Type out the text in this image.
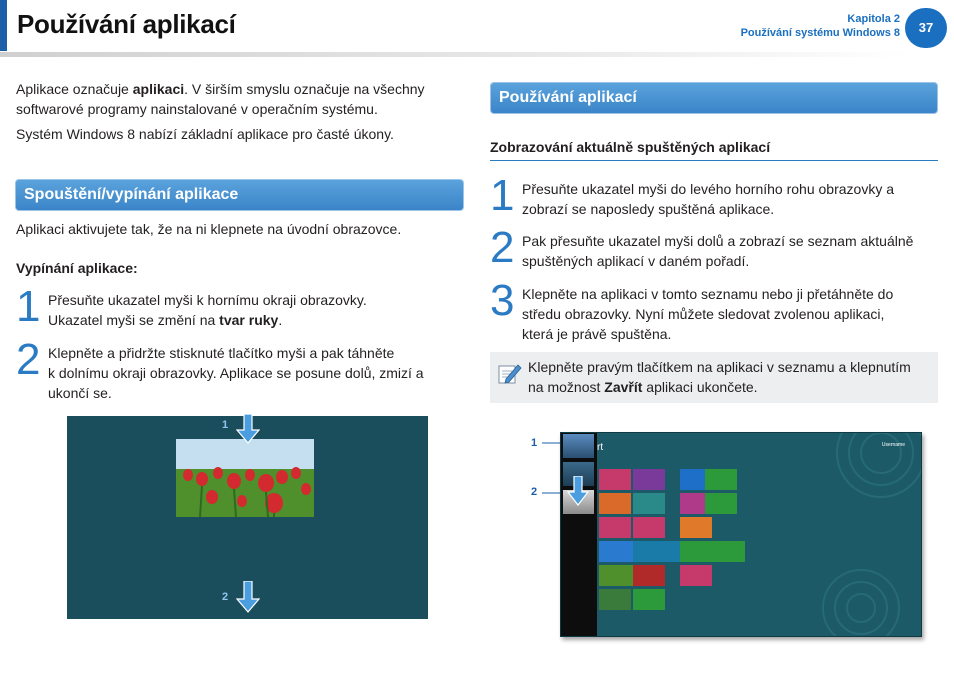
Používání aplikací	Kapitola 2
Používání systému Windows 8	37
Aplikace označuje aplikaci. V širším smyslu označuje na všechny
softwarové programy nainstalované v operačním systému.
Systém Windows 8 nabízí základní aplikace pro časté úkony.
Spouštění/vypínání aplikace
Aplikaci aktivujete tak, že na ni klepnete na úvodní obrazovce.
Vypínání aplikace:
1 Přesuňte ukazatel myši k hornímu okraji obrazovky.
Ukazatel myši se změní na tvar ruky.
2 Klepněte a přidržte stisknuté tlačítko myši a pak táhněte
k dolnímu okraji obrazovky. Aplikace se posune dolů, zmizí a
ukončí se.
1
2
Používání aplikací
Zobrazování aktuálně spuštěných aplikací
1 Přesuňte ukazatel myši do levého horního rohu obrazovky a
zobrazí se naposledy spuštěná aplikace.
2 Pak přesuňte ukazatel myši dolů a zobrazí se seznam aktuálně
spuštěných aplikací v daném pořadí.
3 Klepněte na aplikaci v tomto seznamu nebo ji přetáhněte do
středu obrazovky. Nyní můžete sledovat zvolenou aplikaci,
která je právě spuštěna.
Klepněte pravým tlačítkem na aplikaci v seznamu a klepnutím
na možnost Zavřít aplikaci ukončete.
1
2
rt	Username
